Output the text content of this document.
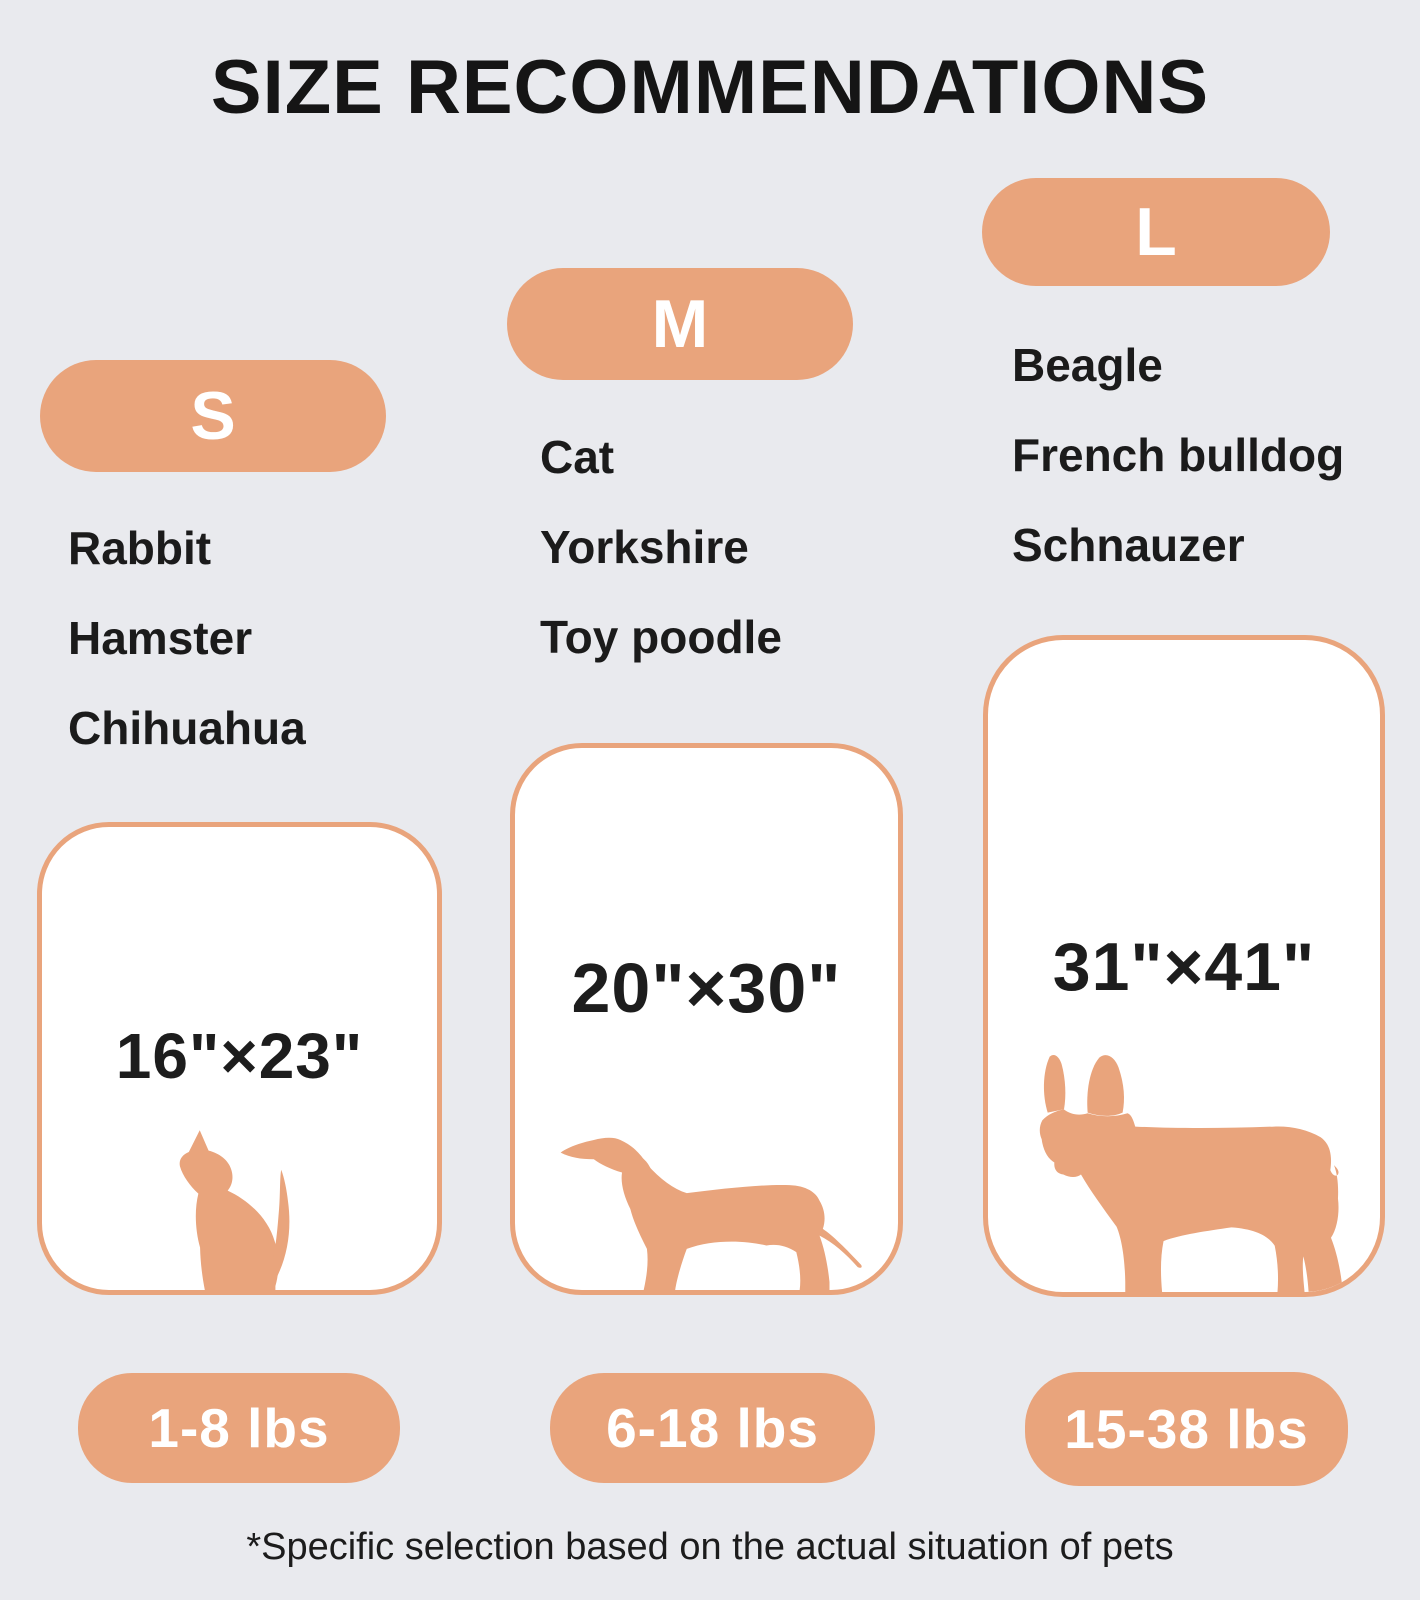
SIZE RECOMMENDATIONS
S
Rabbit
Hamster
Chihuahua
16"×23"
1-8 lbs
M
Cat
Yorkshire
Toy poodle
20"×30"
6-18 lbs
L
Beagle
French bulldog
Schnauzer
31"×41"
15-38 lbs

*Specific selection based on the actual situation of pets
